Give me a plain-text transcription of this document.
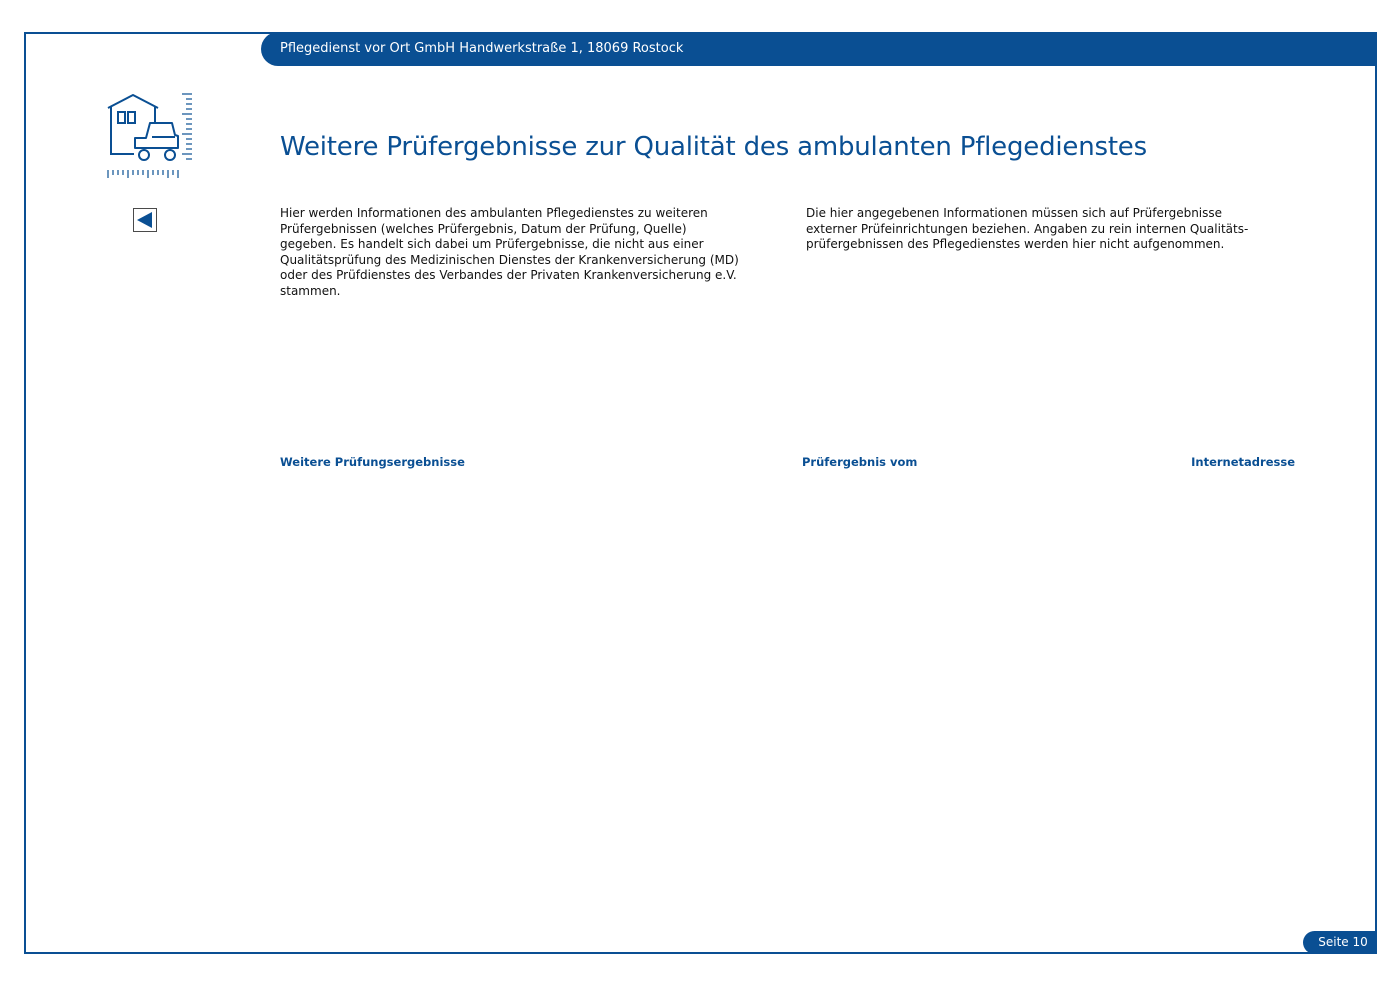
Pflegedienst vor Ort GmbH Handwerkstraße 1, 18069 Rostock
Weitere Prüfergebnisse zur Qualität des ambulanten Pflegedienstes
Hier werden Informationen des ambulanten Pflegedienstes zu weiteren
Prüfergebnissen (welches Prüfergebnis, Datum der Prüfung, Quelle)
gegeben. Es handelt sich dabei um Prüfergebnisse, die nicht aus einer
Qualitätsprüfung des Medizinischen Dienstes der Krankenversicherung (MD)
oder des Prüfdienstes des Verbandes der Privaten Krankenversicherung e.V.
stammen.
Die hier angegebenen Informationen müssen sich auf Prüfergebnisse
externer Prüfeinrichtungen beziehen. Angaben zu rein internen Qualitäts-
prüfergebnissen des Pflegedienstes werden hier nicht aufgenommen.
Weitere Prüfungsergebnisse	Prüfergebnis vom	Internetadresse
Seite 10
